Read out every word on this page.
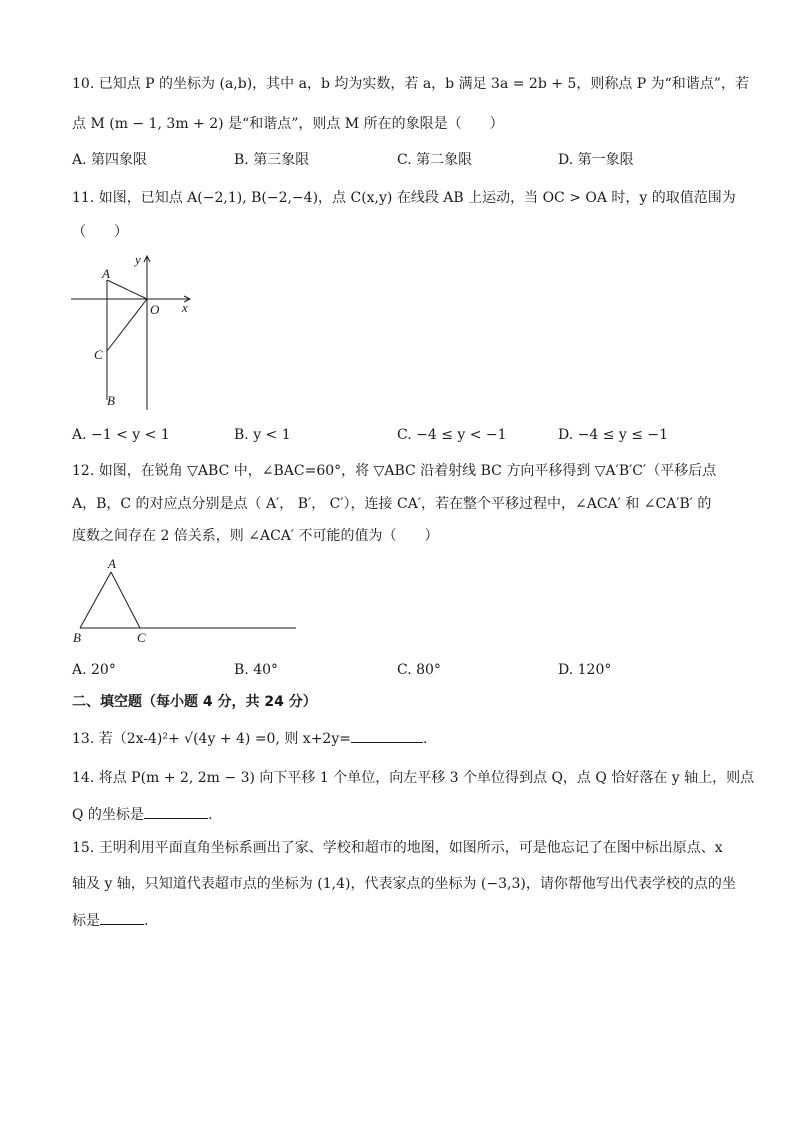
10. 已知点 P 的坐标为 (a,b)，其中 a，b 均为实数，若 a，b 满足 3a = 2b + 5，则称点 P 为“和谐点”，若
点 M (m − 1, 3m + 2) 是“和谐点”，则点 M 所在的象限是（　　）
A. 第四象限	B. 第三象限	C. 第二象限	D. 第一象限
11. 如图，已知点 A(−2,1), B(−2,−4)，点 C(x,y) 在线段 AB 上运动，当 OC > OA 时，y 的取值范围为
（　　）
y
x
A
O
C
B
A. −1 < y < 1	B. y < 1	C. −4 ≤ y < −1	D. −4 ≤ y ≤ −1
12. 如图，在锐角 ▽ABC 中，∠BAC=60°，将 ▽ABC 沿着射线 BC 方向平移得到 ▽A′B′C′（平移后点
A，B，C 的对应点分别是点（ A′， B′， C′），连接 CA′，若在整个平移过程中，∠ACA′ 和 ∠CA′B′ 的
度数之间存在 2 倍关系，则 ∠ACA′ 不可能的值为（　　）
A
B	C
A. 20°	B. 40°	C. 80°	D. 120°
二、填空题（每小题 4 分，共 24 分）
13. 若（2x-4)²+ √(4y + 4) =0, 则 x+2y=	.
14. 将点 P(m + 2, 2m − 3) 向下平移 1 个单位，向左平移 3 个单位得到点 Q，点 Q 恰好落在 y 轴上，则点
Q 的坐标是	.
15. 王明利用平面直角坐标系画出了家、学校和超市的地图，如图所示，可是他忘记了在图中标出原点、x
轴及 y 轴，只知道代表超市点的坐标为 (1,4)，代表家点的坐标为 (−3,3)，请你帮他写出代表学校的点的坐
标是	.
